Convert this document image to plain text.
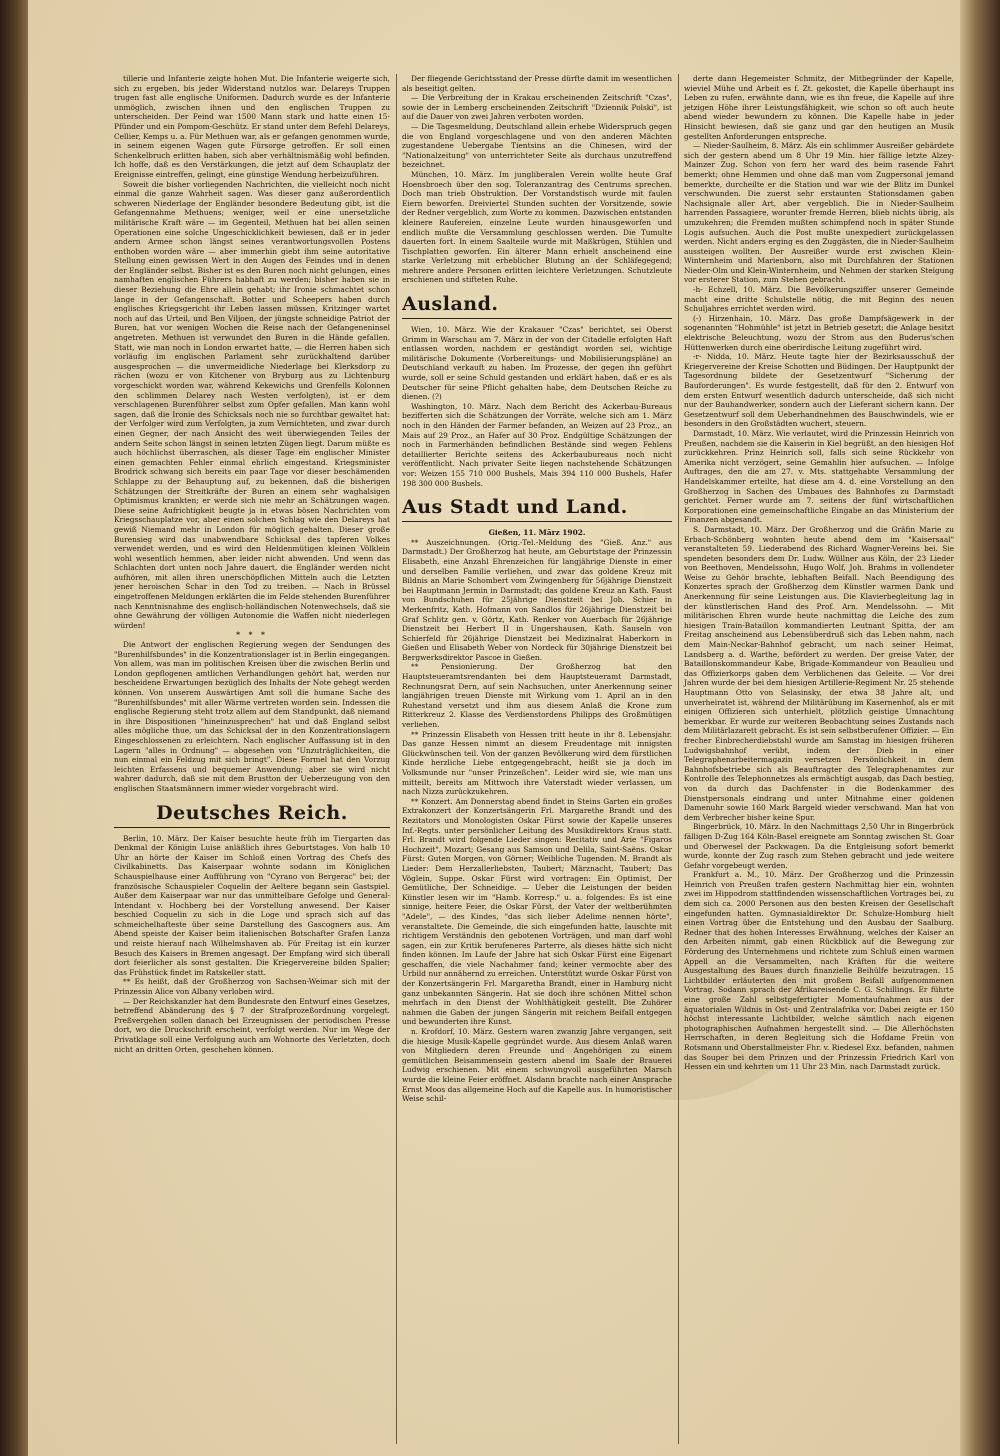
tillerie und Infanterie zeigte hohen Mut. Die Infanterie weigerte sich, sich zu ergeben, bis jeder Widerstand nutzlos war. Delareys Truppen trugen fast alle englische Uniformen. Dadurch wurde es der Infanterie unmöglich, zwischen ihnen und den englischen Truppen zu unterscheiden. Der Feind war 1500 Mann stark und hatte einen 15-Pfünder und ein Pompom-Geschütz. Er stand unter dem Befehl Delareys, Cellier, Kemps u. a. Für Methuen war, als er gefangen genommen wurde, in seinem eigenen Wagen gute Fürsorge getroffen. Er soll einen Schenkelbruch erlitten haben, sich aber verhältnismäßig wohl befinden. Ich hoffe, daß es den Verstärkungen, die jetzt auf dem Schauplatz der Ereignisse eintreffen, gelingt, eine günstige Wendung herbeizuführen.

Soweit die bisher vorliegenden Nachrichten, die vielleicht noch nicht einmal die ganze Wahrheit sagen. Was dieser ganz außerordentlich schweren Niederlage der Engländer besondere Bedeutung gibt, ist die Gefangennahme Methuens; weniger, weil er eine unersetzliche militärische Kraft wäre — im Gegenteil, Methuen hat bei allen seinen Operationen eine solche Ungeschicklichkeit bewiesen, daß er in jeder andern Armee schon längst seines verantwortungsvollen Postens enthoben worden wäre — aber immerhin giebt ihm seine autoritative Stellung einen gewissen Wert in den Augen des Feindes und in denen der Engländer selbst. Bisher ist es den Buren noch nicht gelungen, eines namhaften englischen Führers habhaft zu werden; bisher haben sie in dieser Beziehung die Ehre allein gehabt; ihr Ironie schmachtet schon lange in der Gefangenschaft. Botter und Scheepers haben durch englisches Kriegsgericht ihr Leben lassen müssen, Kritzinger wartet noch auf das Urteil, und Ben Viljoen, der jüngste schneidige Patriot der Buren, hat vor wenigen Wochen die Reise nach der Gefangeneninsel angetreten. Methuen ist verwundet den Buren in die Hände gefallen. Statt, wie man noch in London erwartet hatte, — die Herren haben sich vorläufig im englischen Parlament sehr zurückhaltend darüber ausgesprochen — die unvermeidliche Niederlage bei Klerksdorp zu rächen (wozu er von Kitchener von Bryburg aus zu Lichtenburg vorgeschickt worden war, während Kekewichs und Grenfells Kolonnen den schlimmen Delarey nach Westen verfolgten), ist er dem verschlagenen Burenführer selbst zum Opfer gefallen. Man kann wohl sagen, daß die Ironie des Schicksals noch nie so furchtbar gewaltet hat: der Verfolger wird zum Verfolgten, ja zum Vernichteten, und zwar durch einen Gegner, der nach Ansicht des weit überwiegenden Teiles der andern Seite schon längst in seinen letzten Zügen liegt. Darum müßte es auch höchlichst überraschen, als dieser Tage ein englischer Minister einen gemachten Fehler einmal ehrlich eingestand. Kriegsminister Brodrick schwang sich bereits ein paar Tage vor dieser beschämenden Schlappe zu der Behauptung auf, zu bekennen, daß die bisherigen Schätzungen der Streitkräfte der Buren an einem sehr waghalsigen Optimismus krankten; er werde sich nie mehr an Schätzungen wagen. Diese seine Aufrichtigkeit beugte ja in etwas bösen Nachrichten vom Kriegsschauplatze vor, aber einen solchen Schlag wie den Delareys hat gewiß Niemand mehr in London für möglich gehalten. Dieser große Burensieg wird das unabwendbare Schicksal des tapferen Volkes verwendet werden, und es wird den Heldenmütigen kleinen Völklein wohl wesentlich hemmen, aber leider nicht abwenden. Und wenn das Schlachten dort unten noch Jahre dauert, die Engländer werden nicht aufhören, mit allen ihren unerschöpflichen Mitteln auch die Letzten jener heroischen Schar in den Tod zu treiben. — Nach in Brüssel eingetroffenen Meldungen erklärten die im Felde stehenden Burenführer nach Kenntnisnahme des englisch-holländischen Notenwechsels, daß sie ohne Gewährung der völligen Autonomie die Waffen nicht niederlegen würden!

* * *

Die Antwort der englischen Regierung wegen der Sendungen des "Burenhilfsbundes" in die Konzentrationslager ist in Berlin eingegangen. Von allem, was man im politischen Kreisen über die zwischen Berlin und London gepflogenen amtlichen Verhandlungen gehört hat, werden nur bescheidene Erwartungen bezüglich des Inhalts der Note gehegt werden können. Von unserem Auswärtigen Amt soll die humane Sache des "Burenhilfsbundes" mit aller Wärme vertreten worden sein. Indessen die englische Regierung steht trotz allem auf dem Standpunkt, daß niemand in ihre Dispositionen "hineinzusprechen" hat und daß England selbst alles mögliche thue, um das Schicksal der in den Konzentrationslagern Eingeschlossenen zu erleichtern. Nach englischer Auffassung ist in den Lagern "alles in Ordnung" — abgesehen von "Unzuträglichkeiten, die nun einmal ein Feldzug mit sich bringt". Diese Formel hat den Vorzug leichten Erfassens und bequemer Anwendung; aber sie wird nicht wahrer dadurch, daß sie mit dem Brustton der Ueberzeugung von den englischen Staatsmännern immer wieder vorgebracht wird.

Deutsches Reich.

Berlin, 10. März. Der Kaiser besuchte heute früh im Tiergarten das Denkmal der Königin Luise anläßlich ihres Geburtstages. Von halb 10 Uhr an hörte der Kaiser im Schloß einen Vortrag des Chefs des Civilkabinetts. Das Kaiserpaar wohnte sodann im Königlichen Schauspielhause einer Aufführung von "Cyrano von Bergerac" bei; der französische Schauspieler Coquelin der Aeltere begann sein Gastspiel. Außer dem Kaiserpaar war nur das unmittelbare Gefolge und General-Intendant v. Hochberg bei der Vorstellung anwesend. Der Kaiser beschied Coquelin zu sich in die Loge und sprach sich auf das schmeichelhafteste über seine Darstellung des Gascogners aus. Am Abend speiste der Kaiser beim italienischen Botschafter Grafen Lanza und reiste hierauf nach Wilhelmshaven ab. Für Freitag ist ein kurzer Besuch des Kaisers in Bremen angesagt. Der Empfang wird sich überall dort feierlicher als sonst gestalten. Die Kriegervereine bilden Spalier; das Frühstück findet im Ratskeller statt.

** Es heißt, daß der Großherzog von Sachsen-Weimar sich mit der Prinzessin Alice von Albany verloben wird.

— Der Reichskanzler hat dem Bundesrate den Entwurf eines Gesetzes, betreffend Abänderung des § 7 der Strafprozeßordnung vorgelegt. Preßvergehen sollen danach bei Erzeugnissen der periodischen Presse dort, wo die Druckschrift erscheint, verfolgt werden. Nur im Wege der Privatklage soll eine Verfolgung auch am Wohnorte des Verletzten, doch nicht an dritten Orten, geschehen können.

Der fliegende Gerichtsstand der Presse dürfte damit im wesentlichen als beseitigt gelten.

— Die Verbreitung der in Krakau erscheinenden Zeitschrift "Czas", sowie der in Lemberg erscheinenden Zeitschrift "Dziennik Polski", ist auf die Dauer von zwei Jahren verboten worden.

— Die Tagesmeldung, Deutschland allein erhebe Widerspruch gegen die von England vorgeschlagene und von den anderen Mächten zugestandene Uebergabe Tientsins an die Chinesen, wird der "Nationalzeitung" von unterrichteter Seite als durchaus unzutreffend bezeichnet.

München, 10. März. Im jungliberalen Verein wollte heute Graf Hoensbroech über den sog. Toleranzantrag des Centrums sprechen. Doch man trieb Obstruktion. Der Vorstandstisch wurde mit faulen Eiern beworfen. Dreiviertel Stunden suchten der Vorsitzende, sowie der Redner vergeblich, zum Worte zu kommen. Dazwischen entstanden kleinere Raufereien, einzelne Leute wurden hinausgeworfen und endlich mußte die Versammlung geschlossen werden. Die Tumulte dauerten fort. In einem Saalteile wurde mit Maßkrügen, Stühlen und Tischplatten geworfen. Ein älterer Mann erhielt anscheinend eine starke Verletzung mit erheblicher Blutung an der Schläfegegend; mehrere andere Personen erlitten leichtere Verletzungen. Schutzleute erschienen und stifteten Ruhe.

Ausland.

Wien, 10. März. Wie der Krakauer "Czas" berichtet, sei Oberst Grimm in Warschau am 7. März in der von der Citadelle erfolgten Haft entlassen worden, nachdem er geständigt worden sei, wichtige militärische Dokumente (Vorbereitungs- und Mobilisierungspläne) an Deutschland verkauft zu haben. Im Prozesse, der gegen ihn geführt wurde, soll er seine Schuld gestanden und erklärt haben, daß er es als Deutscher für seine Pflicht gehalten habe, dem Deutschen Reiche zu dienen. (?)

Washington, 10. März. Nach dem Bericht des Ackerbau-Bureaus bezifferten sich die Schätzungen der Vorräte, welche sich am 1. März noch in den Händen der Farmer befanden, an Weizen auf 23 Proz., an Mais auf 29 Proz., an Hafer auf 30 Proz. Endgültige Schätzungen der noch in Farmerhänden befindlichen Bestände sind wegen Fehlens detaillierter Berichte seitens des Ackerbaubureaus noch nicht veröffentlicht. Nach privater Seite liegen nachstehende Schätzungen vor: Weizen 155 710 000 Bushels, Mais 394 110 000 Bushels, Hafer 198 300 000 Bushels.

Aus Stadt und Land.

Gießen, 11. März 1902.

** Auszeichnungen. (Orig.-Tel.-Meldung des "Gieß. Anz." aus Darmstadt.) Der Großherzog hat heute, am Geburtstage der Prinzessin Elisabeth, eine Anzahl Ehrenzeichen für langjährige Dienste in einer und derselben Familie verliehen, und zwar das goldene Kreuz mit Bildnis an Marie Schombert vom Zwingenberg für 56jährige Dienstzeit bei Hauptmann Jermin in Darmstadt; das goldene Kreuz an Kath. Faust von Bundschuhen für 25jährige Dienstzeit bei Joh. Schier in Merkenfritz, Kath. Hofmann von Sandlos für 26jährige Dienstzeit bei Graf Schlitz gen. v. Görtz, Kath. Renker von Auerbach für 26jährige Dienstzeit bei Herbert II in Ungershausen, Kath. Sauseln von Schierfeld für 26jährige Dienstzeit bei Medizinalrat Haberkorn in Gießen und Elisabeth Weber von Nordeck für 30jährige Dienstzeit bei Bergwerksdirektor Pascoe in Gießen.

** Pensionierung. Der Großherzog hat den Hauptsteueramtsrendanten bei dem Hauptsteueramt Darmstadt, Rechnungsrat Dern, auf sein Nachsuchen, unter Anerkennung seiner langjährigen treuen Dienste mit Wirkung vom 1. April an in den Ruhestand versetzt und ihm aus diesem Anlaß die Krone zum Ritterkreuz 2. Klasse des Verdienstordens Philipps des Großmütigen verliehen.

** Prinzessin Elisabeth von Hessen tritt heute in ihr 8. Lebensjahr. Das ganze Hessen nimmt an diesem Freudentage mit innigsten Glückwünschen teil. Von der ganzen Bevölkerung wird dem fürstlichen Kinde herzliche Liebe entgegengebracht, heißt sie ja doch im Volksmunde nur "unser Prinzeßchen". Leider wird sie, wie man uns mitteilt, bereits am Mittwoch ihre Vaterstadt wieder verlassen, um nach Nizza zurückzukehren.

** Konzert. Am Donnerstag abend findet in Steins Garten ein großes Extrakonzert der Konzertsängerin Frl. Margarethe Brandt und des Rezitators und Monologisten Oskar Fürst sowie der Kapelle unseres Inf.-Regts. unter persönlicher Leitung des Musikdirektors Kraus statt. Frl. Brandt wird folgende Lieder singen: Recitativ und Arie "Figaros Hochzeit", Mozart; Gesang aus Samson und Delila, Saint-Saëns. Oskar Fürst: Guten Morgen, von Görner; Weibliche Tugenden. M. Brandt als Lieder: Dem Herzallerliebsten, Taubert; Märznacht, Taubert; Das Vöglein, Suppe. Oskar Fürst wird vortragen: Ein Optimist, Der Gemütliche, Der Schneidige. — Ueber die Leistungen der beiden Künstler lesen wir im "Hamb. Korresp." u. a. folgendes: Es ist eine sinnige, heitere Feier, die Oskar Fürst, der Vater der weltberühmten "Adele", — des Kindes, "das sich lieber Adelime nennen hörte", veranstaltete. Die Gemeinde, die sich eingefunden hatte, lauschte mit richtigem Verständnis den gebotenen Vorträgen, und man darf wohl sagen, ein zur Kritik berufeneres Parterre, als dieses hätte sich nicht finden können. Im Laufe der Jahre hat sich Oskar Fürst eine Eigenart geschaffen, die viele Nachahmer fand; keiner vermochte aber des Urbild nur annähernd zu erreichen. Unterstützt wurde Oskar Fürst von der Konzertsängerin Frl. Margaretha Brandt, einer in Hamburg nicht ganz unbekannten Sängerin. Hat sie doch ihre schönen Mittel schon mehrfach in den Dienst der Wohlthätigkeit gestellt. Die Zuhörer nahmen die Gaben der jungen Sängerin mit reichem Beifall entgegen und bewunderten ihre Kunst.

n. Krofdorf, 10. März. Gestern waren zwanzig Jahre vergangen, seit die hiesige Musik-Kapelle gegründet wurde. Aus diesem Anlaß waren von Mitgliedern deren Freunde und Angehörigen zu einem gemütlichen Beisammensein gestern abend im Saale der Brauerei Ludwig erschienen. Mit einem schwungvoll ausgeführten Marsch wurde die kleine Feier eröffnet. Alsdann brachte nach einer Ansprache Ernst Moos das allgemeine Hoch auf die Kapelle aus. In humoristischer Weise schil-

derte dann Hegemeister Schmitz, der Mitbegründer der Kapelle, wieviel Mühe und Arbeit es f. Zt. gekostet, die Kapelle überhaupt ins Leben zu rufen, erwähnte dann, wie es ihn freue, die Kapelle auf ihre jetzigen Höhe ihrer Leistungsfähigkeit, wie schon so oft auch heute abend wieder bewundern zu können. Die Kapelle habe in jeder Hinsicht bewiesen, daß sie ganz und gar den heutigen an Musik gestellten Anforderungen entspreche.

— Nieder-Saulheim, 8. März. Als ein schlimmer Ausreißer gebärdete sich der gestern abend um 8 Uhr 19 Min. hier fällige letzte Alzey-Mainzer Zug. Schon von fern her ward des beim rasende Fahrt bemerkt; ohne Hemmen und ohne daß man vom Zugpersonal jemand bemerkte, durcheilte er die Station und war wie der Blitz im Dunkel verschwunden. Die zuerst sehr erstaunten Stationsdamen gaben Nachsignale aller Art, aber vergeblich. Die in Nieder-Saulheim harrenden Passagiere, worunter fremde Herren, blieb nichts übrig, als umzukehren; die Fremden mußten schimpfend noch in später Stunde Logis aufsuchen. Auch die Post mußte unexpediert zurückgelassen werden. Nicht anders erging es den Zuggästen, die in Nieder-Saulheim aussteigen wollten. Der Ausreißer wurde erst zwischen Klein-Winternheim und Marienborn, also mit Durchfahren der Stationen Nieder-Olm und Klein-Winternheim, und Nehmen der starken Steigung vor ersterer Station, zum Stehen gebracht.

-h- Echzell, 10. März. Die Bevölkerungsziffer unserer Gemeinde macht eine dritte Schulstelle nötig, die mit Beginn des neuen Schuljahres errichtet werden wird.

(-) Hirzenhain, 10. März. Das große Dampfsägewerk in der sogenannten "Hohmühle" ist jetzt in Betrieb gesetzt; die Anlage besitzt elektrische Beleuchtung, wozu der Strom aus den Buderus'schen Hüttenwerken durch eine oberirdische Leitung zugeführt wird.

-r- Nidda, 10. März. Heute tagte hier der Bezirksausschuß der Kriegervereine der Kreise Schotten und Büdingen. Der Hauptpunkt der Tagesordnung bildete der Gesetzentwurf "Sicherung der Bauforderungen". Es wurde festgestellt, daß für den 2. Entwurf von dem ersten Entwurf wesentlich dadurch unterscheide, daß sich nicht nur der Bauhandwerker, sondern auch der Lieferant sichern kann. Der Gesetzentwurf soll dem Ueberhandnehmen des Bauschwindels, wie er besonders in den Großstädten wuchert, steuern.

Darmstadt, 10. März. Wie verlautet, wird die Prinzessin Heinrich von Preußen, nachdem sie die Kaiserin in Kiel begrüßt, an den hiesigen Hof zurückkehren. Prinz Heinrich soll, falls sich seine Rückkehr von Amerika nicht verzögert, seine Gemahlin hier aufsuchen. — Infolge Auftrages, den die am 27. v. Mts. stattgehabte Versammlung der Handelskammer erteilte, hat diese am 4. d. eine Vorstellung an den Großherzog in Sachen des Umbaues des Bahnhofes zu Darmstadt gerichtet. Ferner wurde am 7. seitens der fünf wirtschaftlichen Korporationen eine gemeinschaftliche Eingabe an das Ministerium der Finanzen abgesandt.

S. Darmstadt, 10. März. Der Großherzog und die Gräfin Marie zu Erbach-Schönberg wohnten heute abend dem im "Kaisersaal" veranstalteten 59. Liederabend des Richard Wagner-Vereins bei. Sie spendeten besonders dem Dr. Ludw. Wüllner aus Köln, der 23 Lieder von Beethoven, Mendelssohn, Hugo Wolf, Joh. Brahms in vollendeter Weise zu Gehör brachte, lebhaften Beifall. Nach Beendigung des Konzertes sprach der Großherzog dem Künstler warmen Dank und Anerkennung für seine Leistungen aus. Die Klavierbegleitung lag in der künstlerischen Hand des Prof. Arn. Mendelssohn. — Mit militärischen Ehren wurde heute nachmittag die Leiche des zum hiesigen Train-Bataillon kommandierten Leutnant Spitta, der am Freitag anscheinend aus Lebensüberdruß sich das Leben nahm, nach dem Main-Neckar-Bahnhof gebracht, um nach seiner Heimat, Landsberg a. d. Warthe, befördert zu werden. Der greise Vater, der Bataillonskommandeur Kabe, Brigade-Kommandeur von Beaulieu und das Offizierkorps gaben dem Verblichenen das Geleite. — Vor drei Jahren wurde der bei dem hiesigen Artillerie-Regiment Nr. 25 stehende Hauptmann Otto von Selasinsky, der etwa 38 Jahre alt, und unverheiratet ist, während der Militärübung im Kasernenhof, als er mit einigen Offizieren sich unterhielt, plötzlich geistige Umnachtung bemerkbar. Er wurde zur weiteren Beobachtung seines Zustands nach dem Militärlazarett gebracht. Es ist sein selbstberufener Offizier. — Ein frecher Einbrecherdiebstahl wurde am Samstag im hiesigen früheren Ludwigsbahnhof verübt, indem der Dieb in einer Telegraphenarbeitermagazin versetzen Persönlichkeit in dem Bahnhofsbetriebe sich als Beauftragter des Telegraphenamtes zur Kontrolle des Telephonnetzes als ermächtigt ausgab, das Dach bestieg, von da durch das Dachfenster in die Bodenkammer des Dienstpersonals eindrang und unter Mitnahme einer goldenen Damenuhr sowie 160 Mark Bargeld wieder verschwand. Man hat von dem Verbrecher bisher keine Spur.

Bingerbrück, 10. März. In den Nachmittags 2,50 Uhr in Bingerbrück fälligen D-Zug 164 Köln-Basel ereignete am Sonntag zwischen St. Goar und Oberwesel der Packwagen. Da die Entgleisung sofort bemerkt wurde, konnte der Zug rasch zum Stehen gebracht und jede weitere Gefahr vorgebeugt werden.

Frankfurt a. M., 10. März. Der Großherzog und die Prinzessin Heinrich von Preußen trafen gestern Nachmittag hier ein, wohnten zwei im Hippodrom stattfindenden wissenschaftlichen Vortrages bei, zu dem sich ca. 2000 Personen aus den besten Kreisen der Gesellschaft eingefunden hatten. Gymnasialdirektor Dr. Schulze-Homburg hielt einen Vortrag über die Entstehung und den Ausbau der Saalburg. Redner that des hohen Interesses Erwähnung, welches der Kaiser an den Arbeiten nimmt, gab einen Rückblick auf die Bewegung zur Förderung des Unternehmens und richtete zum Schluß einen warmen Appell an die Versammelten, nach Kräften für die weitere Ausgestaltung des Baues durch finanzielle Beihülfe beizutragen. 15 Lichtbilder erläuterten den mit großem Beifall aufgenommenen Vortrag. Sodann sprach der Afrikareisende C. G. Schillings. Er führte eine große Zahl selbstgefertigter Momentaufnahmen aus der äquatorialen Wildnis in Ost- und Zentralafrika vor. Dabei zeigte er 150 höchst interessante Lichtbilder, welche sämtlich nach eigenen photographischen Aufnahmen hergestellt sind. — Die Allerhöchsten Herrschaften, in deren Begleitung sich die Hofdame Freiin von Rotsmann und Oberstallmeister Fhr. v. Riedesel Exz. befanden, nahmen das Souper bei dem Prinzen und der Prinzessin Friedrich Karl von Hessen ein und kehrten um 11 Uhr 23 Min. nach Darmstadt zurück.
